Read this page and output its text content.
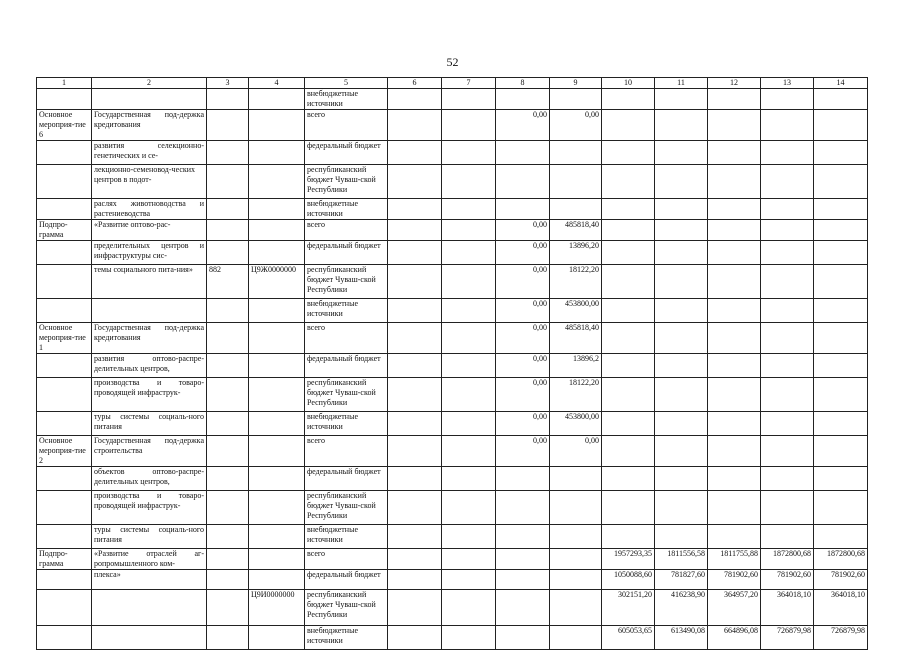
52
1	2	3	4	5	6	7	8	9	10	11	12	13	14
				внебюджетные источники									
Основное мероприя-тие 6	Государственная под-держка кредитования			всего			0,00	0,00					
	развития селекционно-генетических и се-			федеральный бюджет									
	лекционно-семеновод-ческих центров в подот-			республиканский бюджет Чуваш-ской Республики									
	раслях животноводства и растениеводства			внебюджетные источники									
Подпро-грамма	«Развитие оптово-рас-			всего			0,00	485818,40					
	пределительных центров и инфраструктуры сис-			федеральный бюджет			0,00	13896,20					
	темы социального пита-ния»	882	Ц9Ж0000000	республиканский бюджет Чуваш-ской Республики			0,00	18122,20					
				внебюджетные источники			0,00	453800,00					
Основное мероприя-тие 1	Государственная под-держка кредитования			всего			0,00	485818,40					
	развития оптово-распре-делительных центров,			федеральный бюджет			0,00	13896,2					
	производства и товаро-проводящей инфраструк-			республиканский бюджет Чуваш-ской Республики			0,00	18122,20					
	туры системы социаль-ного питания			внебюджетные источники			0,00	453800,00					
Основное мероприя-тие 2	Государственная под-держка строительства			всего			0,00	0,00					
	объектов оптово-распре-делительных центров,			федеральный бюджет									
	производства и товаро-проводящей инфраструк-			республиканский бюджет Чуваш-ской Республики									
	туры системы социаль-ного питания			внебюджетные источники									
Подпро-грамма	«Развитие отраслей аг-ропромышленного ком-			всего					1957293,35	1811556,58	1811755,88	1872800,68	1872800,68
	плекса»			федеральный бюджет					1050088,60	781827,60	781902,60	781902,60	781902,60
			Ц9И0000000	республиканский бюджет Чуваш-ской Республики					302151,20	416238,90	364957,20	364018,10	364018,10
				внебюджетные источники					605053,65	613490,08	664896,08	726879,98	726879,98
